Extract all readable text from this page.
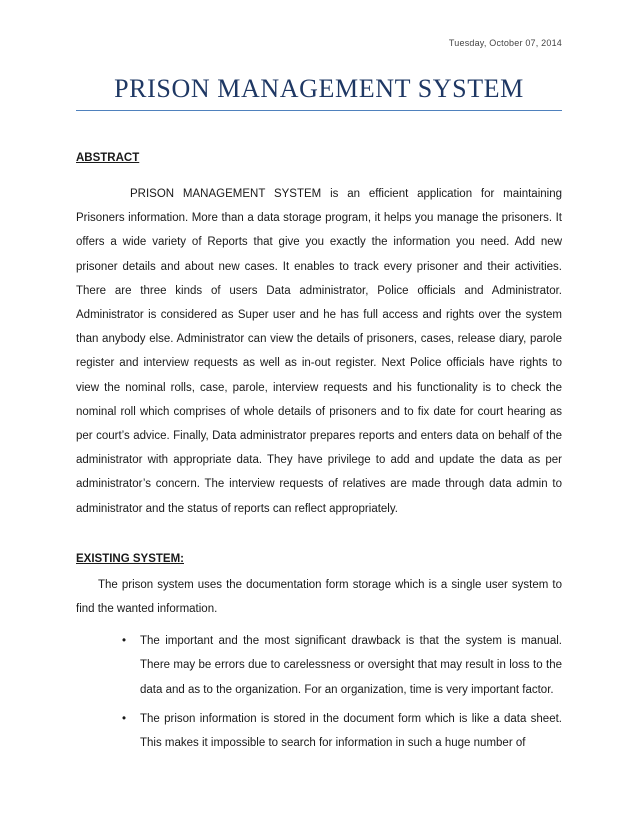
Tuesday, October 07, 2014
PRISON MANAGEMENT SYSTEM
ABSTRACT

PRISON MANAGEMENT SYSTEM is an efficient application for maintaining Prisoners information. More than a data storage program, it helps you manage the prisoners. It offers a wide variety of Reports that give you exactly the information you need. Add new prisoner details and about new cases. It enables to track every prisoner and their activities. There are three kinds of users Data administrator, Police officials and Administrator. Administrator is considered as Super user and he has full access and rights over the system than anybody else. Administrator can view the details of prisoners, cases, release diary, parole register and interview requests as well as in-out register. Next Police officials have rights to view the nominal rolls, case, parole, interview requests and his functionality is to check the nominal roll which comprises of whole details of prisoners and to fix date for court hearing as per court’s advice. Finally, Data administrator prepares reports and enters data on behalf of the administrator with appropriate data. They have privilege to add and update the data as per administrator’s concern. The interview requests of relatives are made through data admin to administrator and the status of reports can reflect appropriately.

EXISTING SYSTEM:

The prison system uses the documentation form storage which is a single user system to find the wanted information.

• The important and the most significant drawback is that the system is manual. There may be errors due to carelessness or oversight that may result in loss to the data and as to the organization. For an organization, time is very important factor.
• The prison information is stored in the document form which is like a data sheet. This makes it impossible to search for information in such a huge number of
